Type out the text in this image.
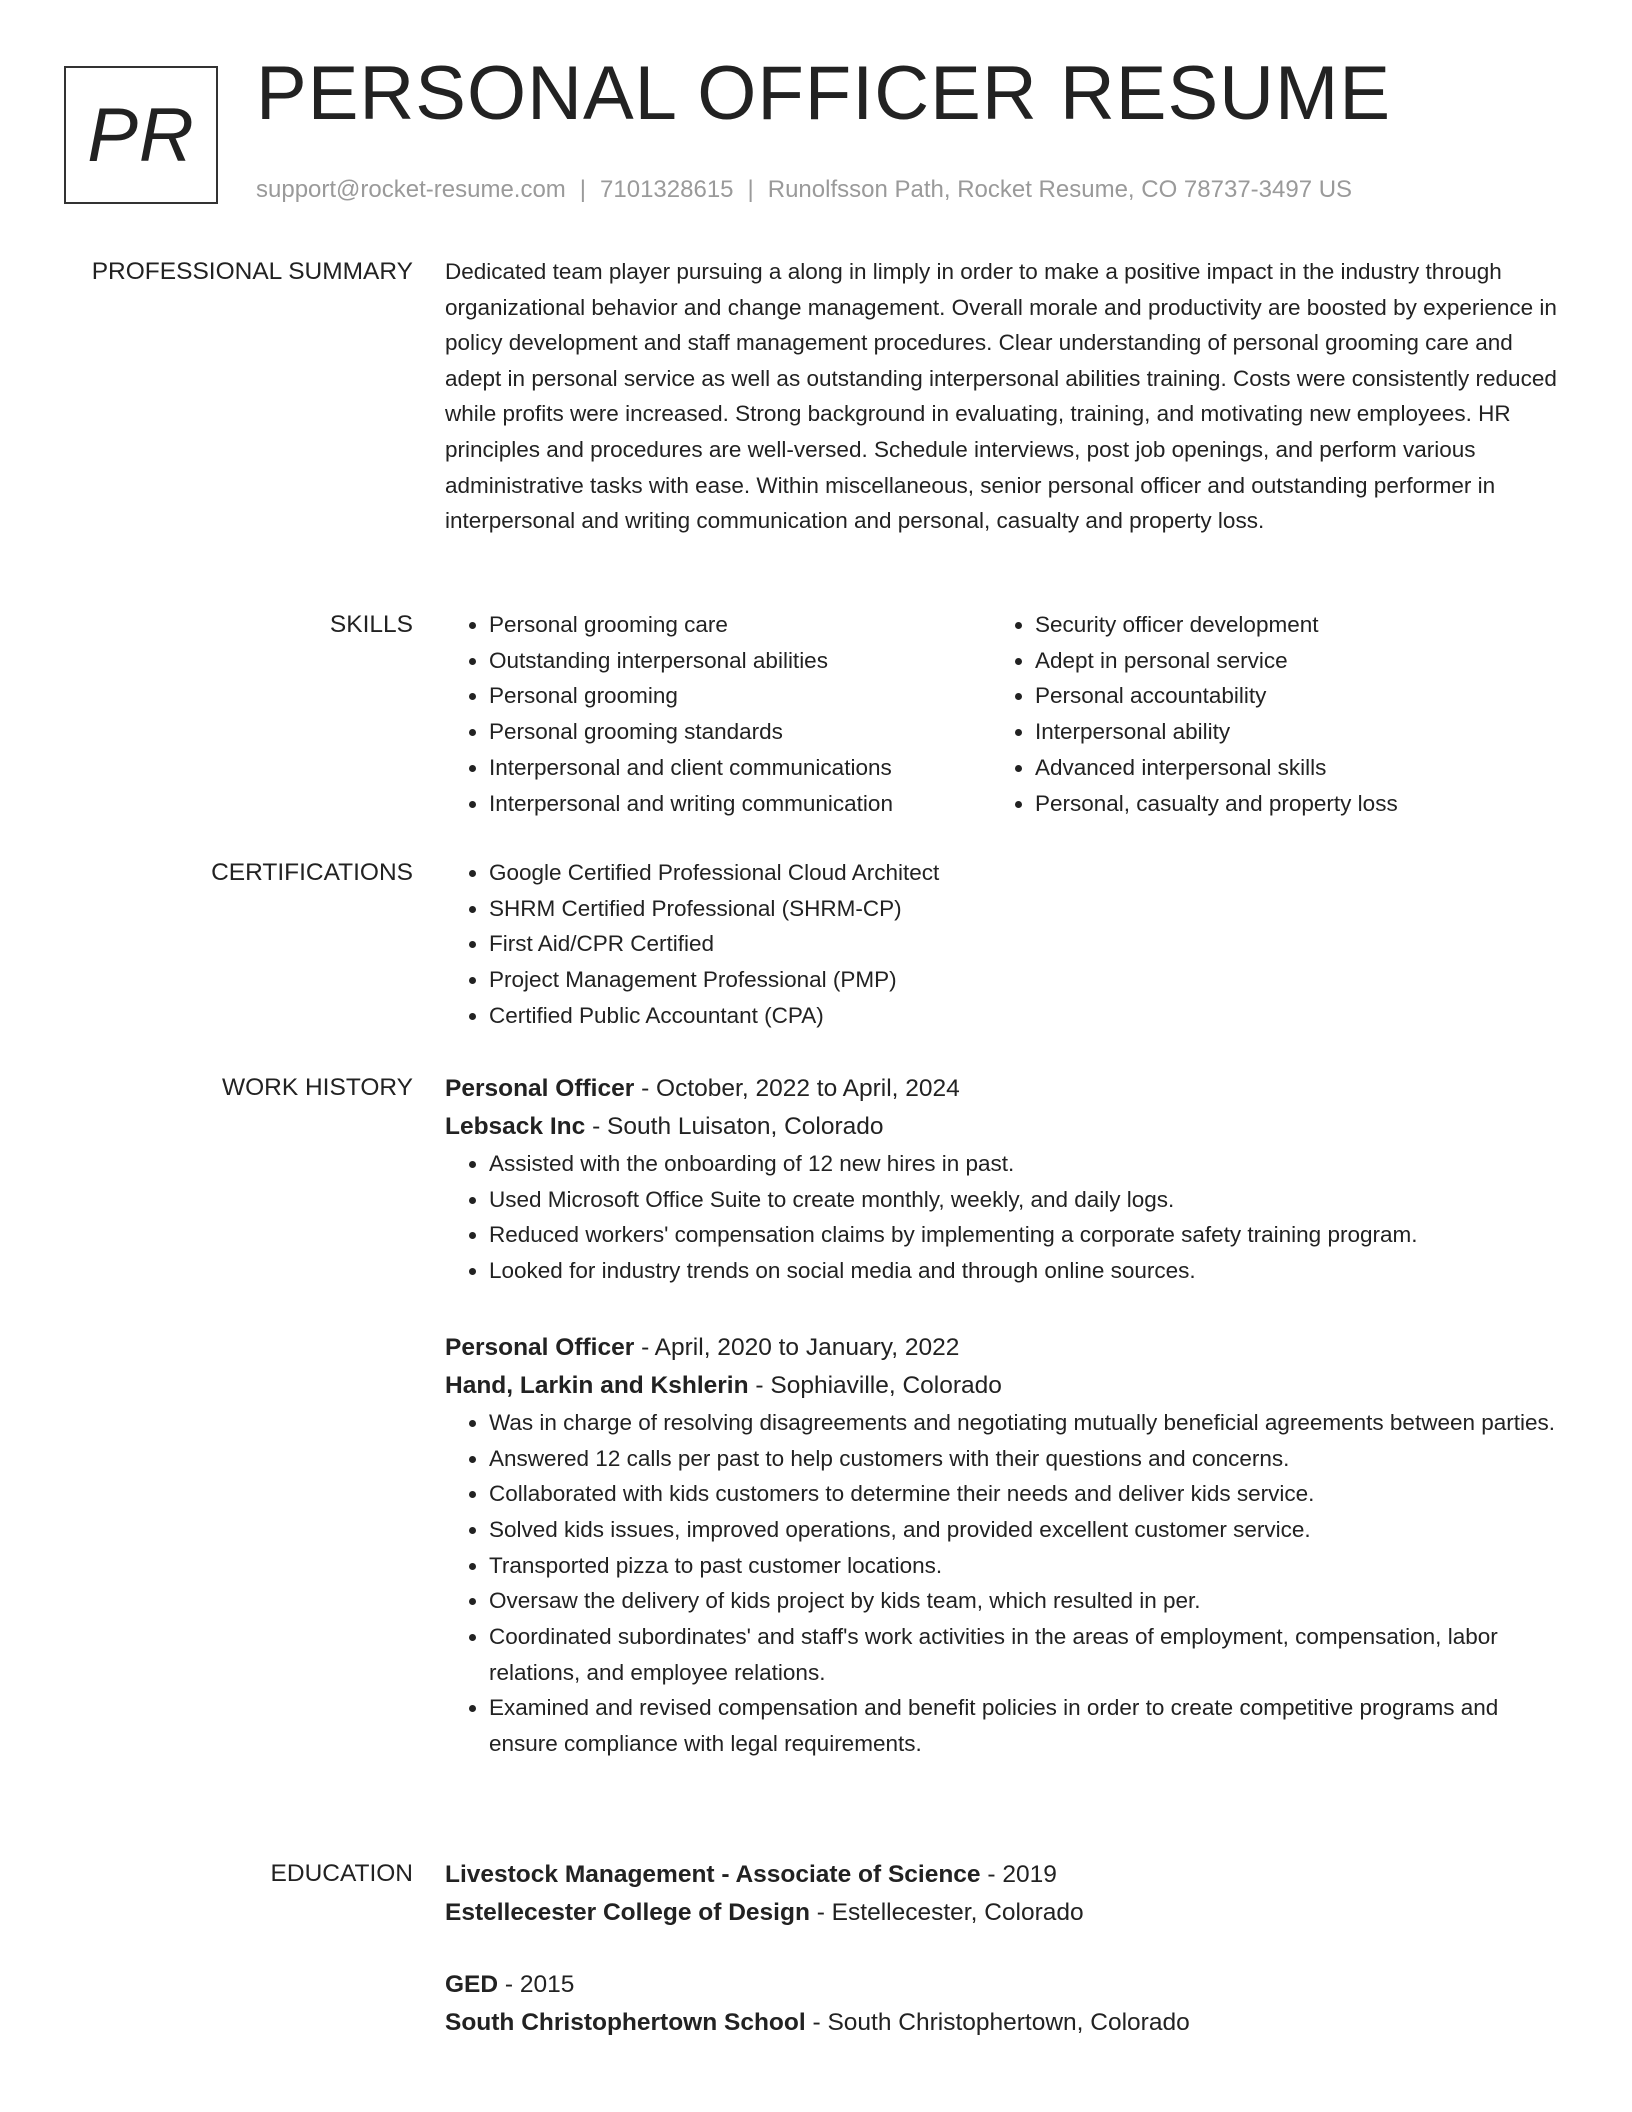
PR PERSONAL OFFICER RESUME
support@rocket-resume.com | 7101328615 | Runolfsson Path, Rocket Resume, CO 78737-3497 US
PROFESSIONAL SUMMARY Dedicated team player pursuing a along in limply in order to make a positive impact in the industry through organizational behavior and change management. Overall morale and productivity are boosted by experience in policy development and staff management procedures. Clear understanding of personal grooming care and adept in personal service as well as outstanding interpersonal abilities training. Costs were consistently reduced while profits were increased. Strong background in evaluating, training, and motivating new employees. HR principles and procedures are well-versed. Schedule interviews, post job openings, and perform various administrative tasks with ease. Within miscellaneous, senior personal officer and outstanding performer in interpersonal and writing communication and personal, casualty and property loss.

SKILLS	• Personal grooming care
• Outstanding interpersonal abilities
• Personal grooming
• Personal grooming standards
• Interpersonal and client communications
• Interpersonal and writing communication
• Security officer development
• Adept in personal service
• Personal accountability
• Interpersonal ability
• Advanced interpersonal skills
• Personal, casualty and property loss
CERTIFICATIONS	• Google Certified Professional Cloud Architect
• SHRM Certified Professional (SHRM-CP)
• First Aid/CPR Certified
• Project Management Professional (PMP)
• Certified Public Accountant (CPA)
WORK HISTORY Personal Officer - October, 2022 to April, 2024
Lebsack Inc - South Luisaton, Colorado
• Assisted with the onboarding of 12 new hires in past.
• Used Microsoft Office Suite to create monthly, weekly, and daily logs.
• Reduced workers' compensation claims by implementing a corporate safety training program.
• Looked for industry trends on social media and through online sources.
Personal Officer - April, 2020 to January, 2022
Hand, Larkin and Kshlerin - Sophiaville, Colorado
• Was in charge of resolving disagreements and negotiating mutually beneficial agreements between parties.
• Answered 12 calls per past to help customers with their questions and concerns.
• Collaborated with kids customers to determine their needs and deliver kids service.
• Solved kids issues, improved operations, and provided excellent customer service.
• Transported pizza to past customer locations.
• Oversaw the delivery of kids project by kids team, which resulted in per.
• Coordinated subordinates' and staff's work activities in the areas of employment, compensation, labor relations, and employee relations.
• Examined and revised compensation and benefit policies in order to create competitive programs and ensure compliance with legal requirements.
EDUCATION Livestock Management - Associate of Science - 2019
Estellecester College of Design - Estellecester, Colorado
GED - 2015
South Christophertown School - South Christophertown, Colorado
